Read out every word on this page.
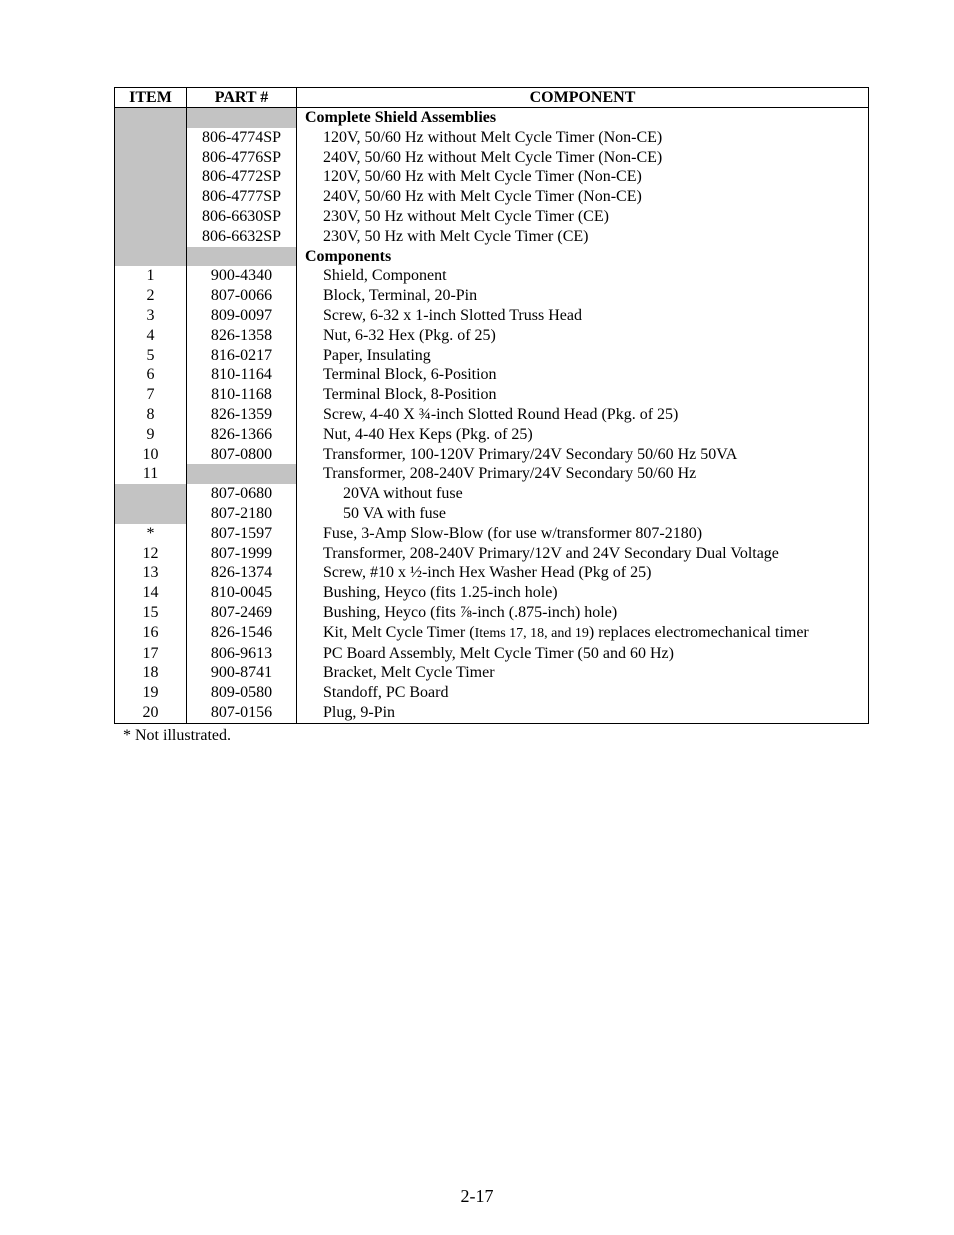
ITEM	PART #	COMPONENT
		Complete Shield Assemblies
	806-4774SP	120V, 50/60 Hz without Melt Cycle Timer (Non-CE)
	806-4776SP	240V, 50/60 Hz without Melt Cycle Timer (Non-CE)
	806-4772SP	120V, 50/60 Hz with Melt Cycle Timer (Non-CE)
	806-4777SP	240V, 50/60 Hz with Melt Cycle Timer (Non-CE)
	806-6630SP	230V, 50 Hz without Melt Cycle Timer (CE)
	806-6632SP	230V, 50 Hz with Melt Cycle Timer (CE)
		Components
1	900-4340	Shield, Component
2	807-0066	Block, Terminal, 20-Pin
3	809-0097	Screw, 6-32 x 1-inch Slotted Truss Head
4	826-1358	Nut, 6-32 Hex (Pkg. of 25)
5	816-0217	Paper, Insulating
6	810-1164	Terminal Block, 6-Position
7	810-1168	Terminal Block, 8-Position
8	826-1359	Screw, 4-40 X ¾-inch Slotted Round Head (Pkg. of 25)
9	826-1366	Nut, 4-40 Hex Keps (Pkg. of 25)
10	807-0800	Transformer, 100-120V Primary/24V Secondary 50/60 Hz 50VA
11		Transformer, 208-240V Primary/24V Secondary 50/60 Hz
	807-0680	20VA without fuse
	807-2180	50 VA with fuse
*	807-1597	Fuse, 3-Amp Slow-Blow (for use w/transformer 807-2180)
12	807-1999	Transformer, 208-240V Primary/12V and 24V Secondary Dual Voltage
13	826-1374	Screw, #10 x ½-inch Hex Washer Head (Pkg of 25)
14	810-0045	Bushing, Heyco (fits 1.25-inch hole)
15	807-2469	Bushing, Heyco (fits ⅞-inch (.875-inch) hole)
16	826-1546	Kit, Melt Cycle Timer (Items 17, 18, and 19) replaces electromechanical timer
17	806-9613	PC Board Assembly, Melt Cycle Timer (50 and 60 Hz)
18	900-8741	Bracket, Melt Cycle Timer
19	809-0580	Standoff, PC Board
20	807-0156	Plug, 9-Pin
* Not illustrated.
2-17
